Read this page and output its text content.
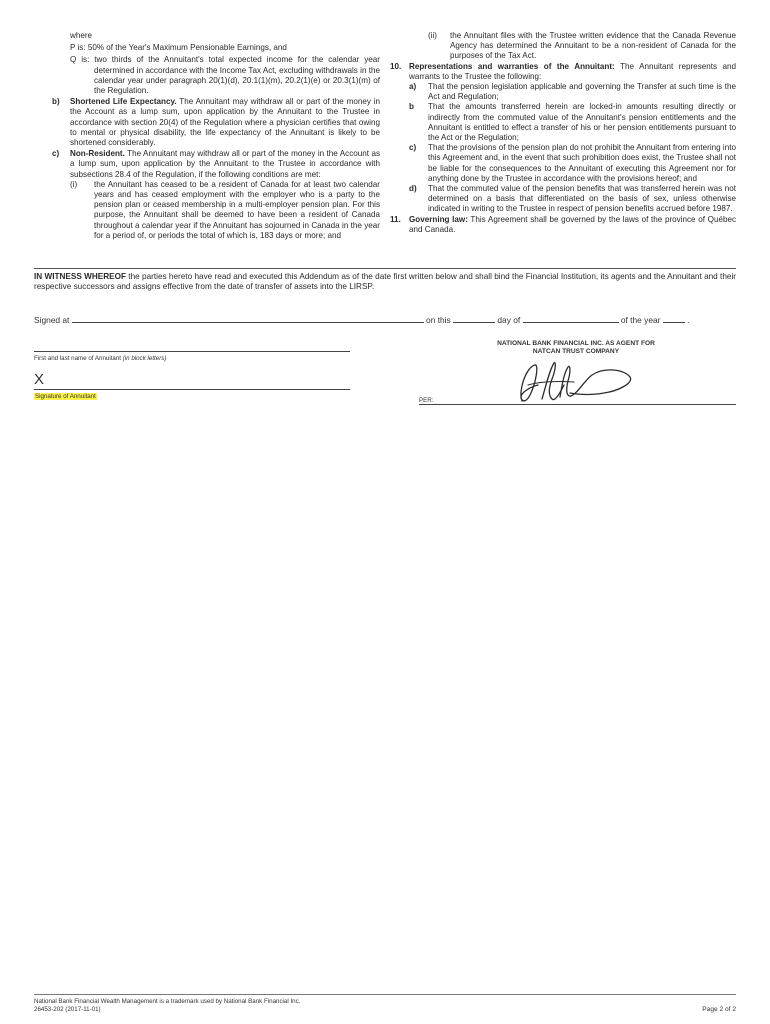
where
P is: 50% of the Year's Maximum Pensionable Earnings, and
Q is: two thirds of the Annuitant's total expected income for the calendar year determined in accordance with the Income Tax Act, excluding withdrawals in the calendar year under paragraph 20(1)(d), 20.1(1)(m), 20.2(1)(e) or 20.3(1)(m) of the Regulation.
b) Shortened Life Expectancy. The Annuitant may withdraw all or part of the money in the Account as a lump sum, upon application by the Annuitant to the Trustee in accordance with section 20(4) of the Regulation where a physician certifies that owing to mental or physical disability, the life expectancy of the Annuitant is likely to be shortened considerably.
c) Non-Resident. The Annuitant may withdraw all or part of the money in the Account as a lump sum, upon application by the Annuitant to the Trustee in accordance with subsections 28.4 of the Regulation, if the following conditions are met:
(i) the Annuitant has ceased to be a resident of Canada for at least two calendar years and has ceased employment with the employer who is a party to the pension plan or ceased membership in a multi-employer pension plan. For this purpose, the Annuitant shall be deemed to have been a resident of Canada throughout a calendar year if the Annuitant has sojourned in Canada in the year for a period of, or periods the total of which is, 183 days or more; and
(ii) the Annuitant files with the Trustee written evidence that the Canada Revenue Agency has determined the Annuitant to be a non-resident of Canada for the purposes of the Tax Act.
10. Representations and warranties of the Annuitant: The Annuitant represents and warrants to the Trustee the following:
a) That the pension legislation applicable and governing the Transfer at such time is the Act and Regulation;
b That the amounts transferred herein are locked-in amounts resulting directly or indirectly from the commuted value of the Annuitant's pension entitlements and the Annuitant is entitled to effect a transfer of his or her pension entitlements pursuant to the Act or the Regulation;
c) That the provisions of the pension plan do not prohibit the Annuitant from entering into this Agreement and, in the event that such prohibition does exist, the Trustee shall not be liable for the consequences to the Annuitant of executing this Agreement nor for anything done by the Trustee in accordance with the provisions hereof; and
d) That the commuted value of the pension benefits that was transferred herein was not determined on a basis that differentiated on the basis of sex, unless otherwise indicated in writing to the Trustee in respect of pension benefits accrued before 1987.
11. Governing law: This Agreement shall be governed by the laws of the province of Québec and Canada.
IN WITNESS WHEREOF the parties hereto have read and executed this Addendum as of the date first written below and shall bind the Financial Institution, its agents and the Annuitant and their respective successors and assigns effective from the date of transfer of assets into the LIRSP.
Signed at	on this	day of	of the year	.
NATIONAL BANK FINANCIAL INC. AS AGENT FOR
NATCAN TRUST COMPANY
First and last name of Annuitant (in block letters)
X
Signature of Annuitant
PER:
National Bank Financial Wealth Management is a trademark used by National Bank Financial Inc.
26453-202 (2017-11-01)	Page 2 of 2
